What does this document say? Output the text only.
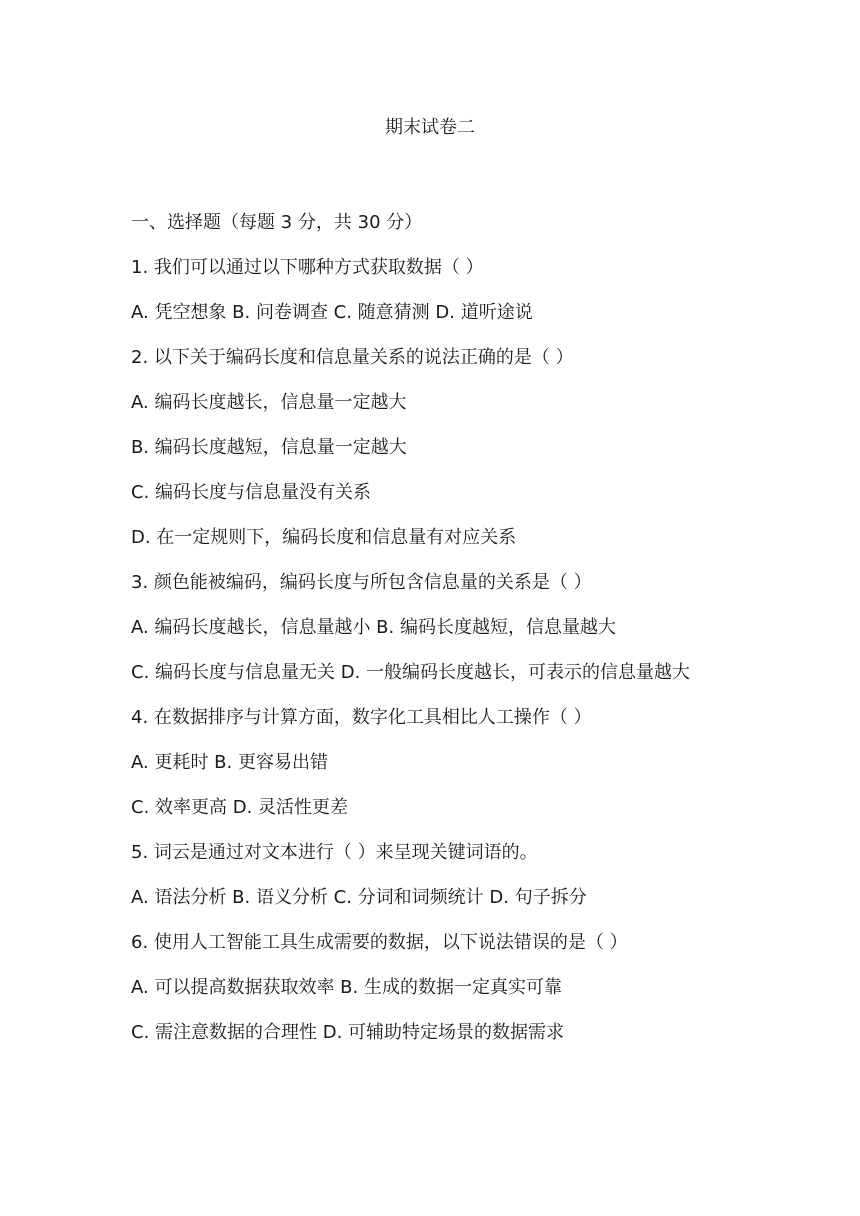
期末试卷二
一、选择题（每题 3 分，共 30 分）
1. 我们可以通过以下哪种方式获取数据（ ）
A. 凭空想象 B. 问卷调查 C. 随意猜测 D. 道听途说
2. 以下关于编码长度和信息量关系的说法正确的是（ ）
A. 编码长度越长，信息量一定越大
B. 编码长度越短，信息量一定越大
C. 编码长度与信息量没有关系
D. 在一定规则下，编码长度和信息量有对应关系
3. 颜色能被编码，编码长度与所包含信息量的关系是（ ）
A. 编码长度越长，信息量越小 B. 编码长度越短，信息量越大
C. 编码长度与信息量无关 D. 一般编码长度越长，可表示的信息量越大
4. 在数据排序与计算方面，数字化工具相比人工操作（ ）
A. 更耗时 B. 更容易出错
C. 效率更高 D. 灵活性更差
5. 词云是通过对文本进行（ ）来呈现关键词语的。
A. 语法分析 B. 语义分析 C. 分词和词频统计 D. 句子拆分
6. 使用人工智能工具生成需要的数据，以下说法错误的是（ ）
A. 可以提高数据获取效率 B. 生成的数据一定真实可靠
C. 需注意数据的合理性 D. 可辅助特定场景的数据需求
